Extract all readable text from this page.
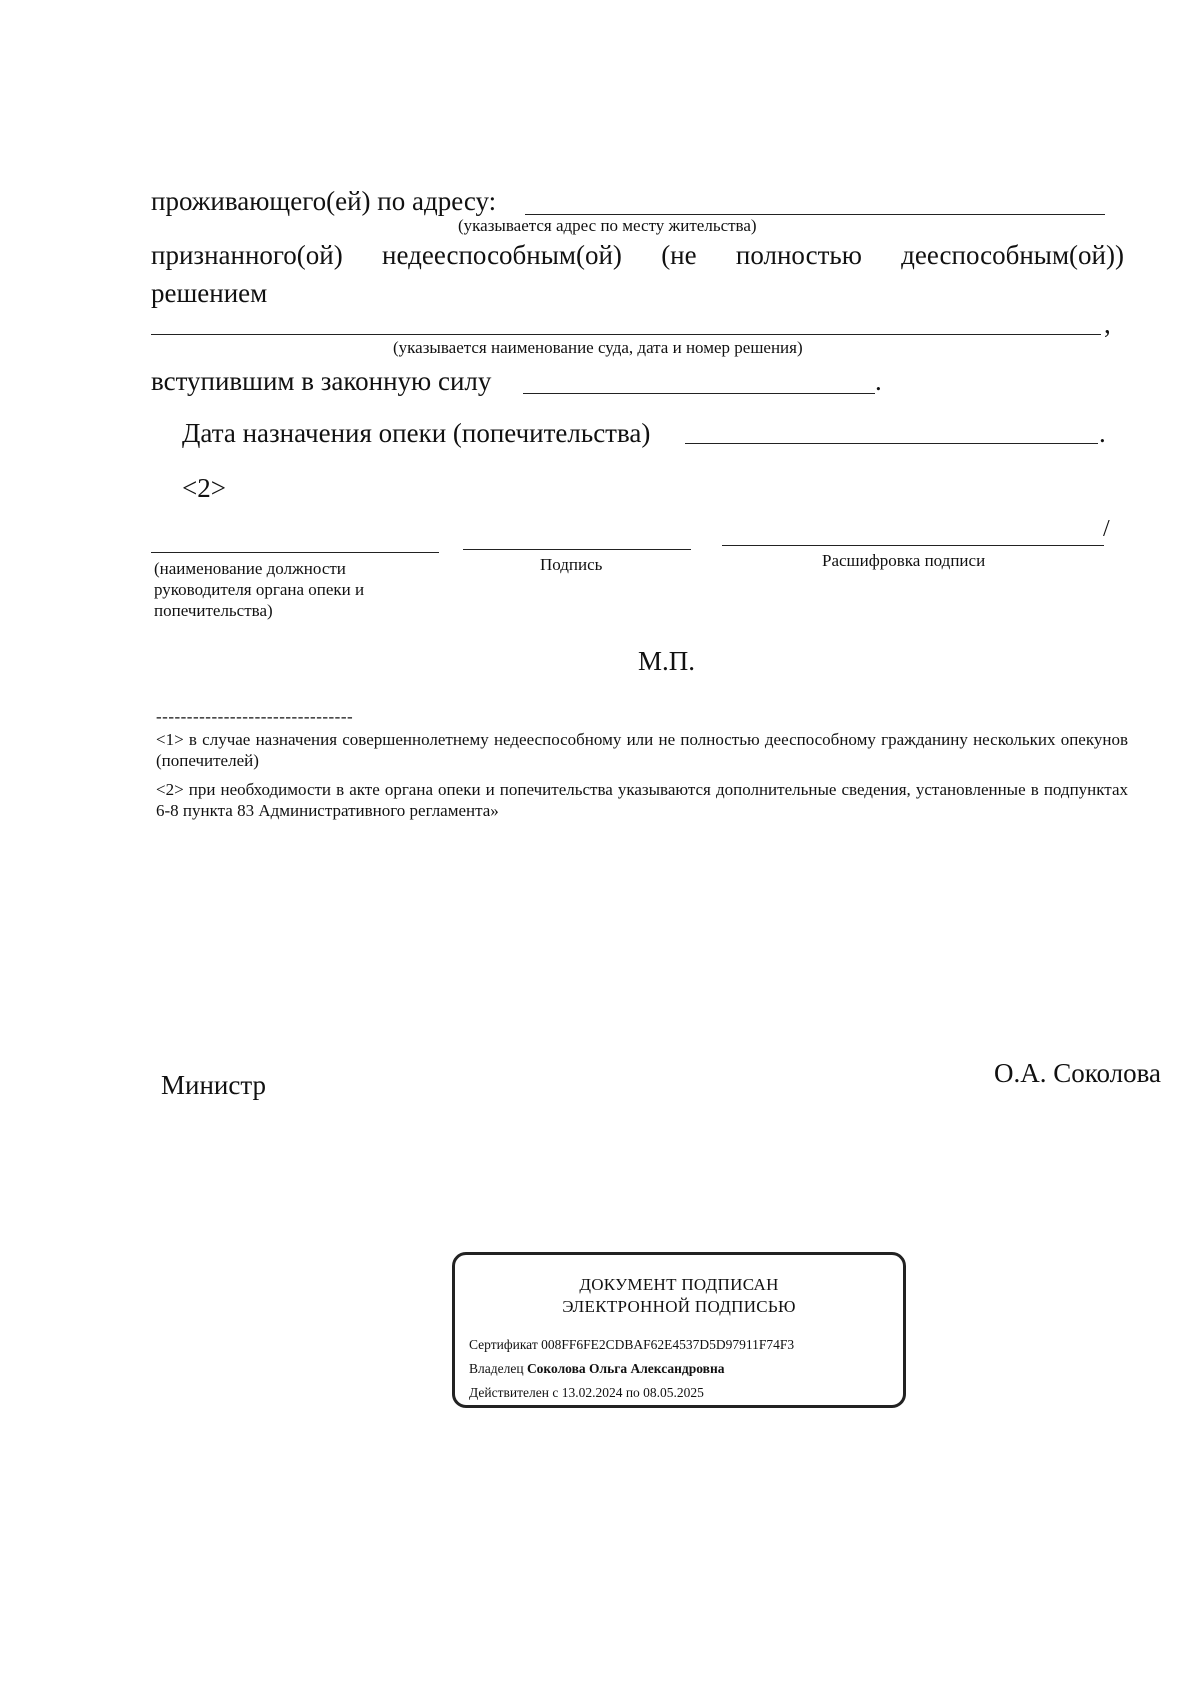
проживающего(ей) по адресу:
(указывается адрес по месту жительства)
признанного(ой) недееспособным(ой) (не полностью дееспособным(ой))
решением
,
(указывается наименование суда, дата и номер решения)
вступившим в законную силу	.
Дата назначения опеки (попечительства)	.
<2>
/
(наименование должности руководителя органа опеки и попечительства)
Подпись	Расшифровка подписи
М.П.
--------------------------------
<1> в случае назначения совершеннолетнему недееспособному или не полностью дееспособному гражданину нескольких опекунов (попечителей)
<2> при необходимости в акте органа опеки и попечительства указываются дополнительные сведения, установленные в подпунктах 6-8 пункта 83 Административного регламента»
Министр	О.А. Соколова
ДОКУМЕНТ ПОДПИСАН
ЭЛЕКТРОННОЙ ПОДПИСЬЮ
Сертификат 008FF6FE2CDBAF62E4537D5D97911F74F3
Владелец Соколова Ольга Александровна
Действителен с 13.02.2024 по 08.05.2025
